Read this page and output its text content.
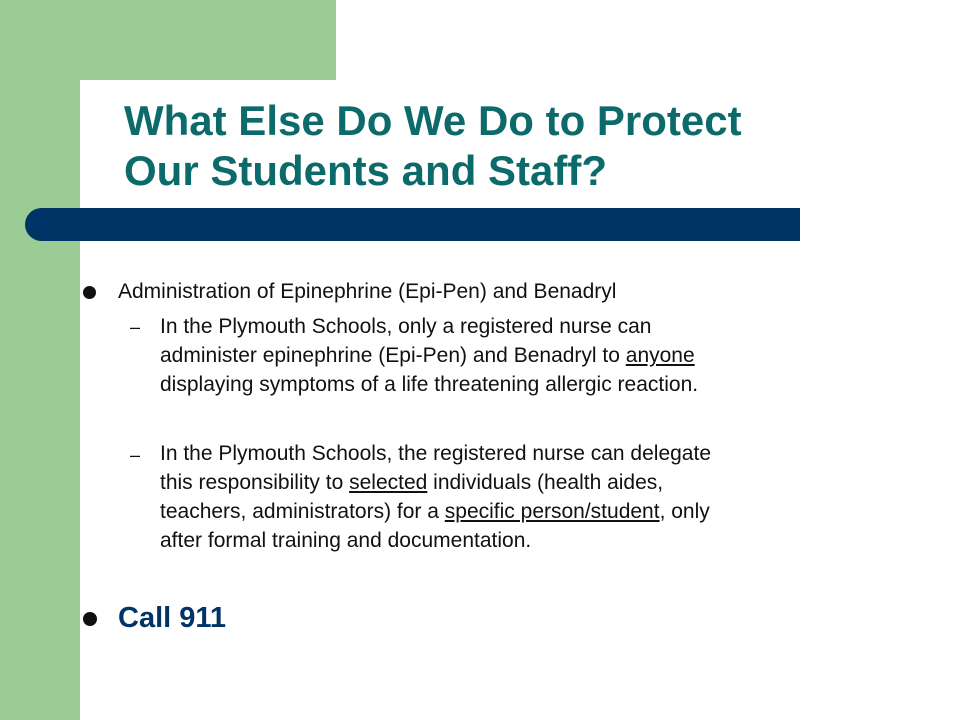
What Else Do We Do to Protect
Our Students and Staff?
Administration of Epinephrine (Epi-Pen) and Benadryl
– In the Plymouth Schools, only a registered nurse can
administer epinephrine (Epi-Pen) and Benadryl to anyone
displaying symptoms of a life threatening allergic reaction.
– In the Plymouth Schools, the registered nurse can delegate
this responsibility to selected individuals (health aides,
teachers, administrators) for a specific person/student, only
after formal training and documentation.
Call 911
